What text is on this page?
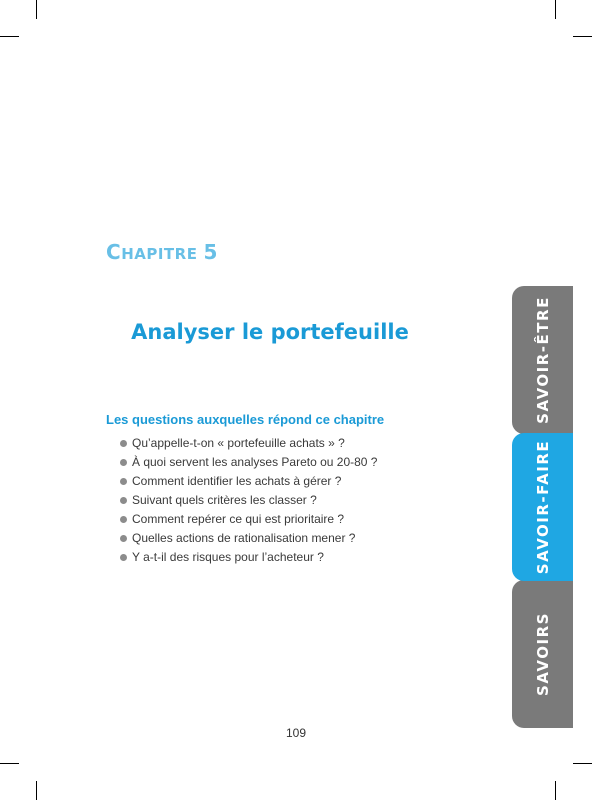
CHAPITRE 5
Analyser le portefeuille
Les questions auxquelles répond ce chapitre
Qu’appelle-t-on « portefeuille achats » ?
À quoi servent les analyses Pareto ou 20-80 ?
Comment identifier les achats à gérer ?
Suivant quels critères les classer ?
Comment repérer ce qui est prioritaire ?
Quelles actions de rationalisation mener ?
Y a-t-il des risques pour l’acheteur ?
SAVOIR-ÊTRE
SAVOIR-FAIRE
SAVOIRS
109
